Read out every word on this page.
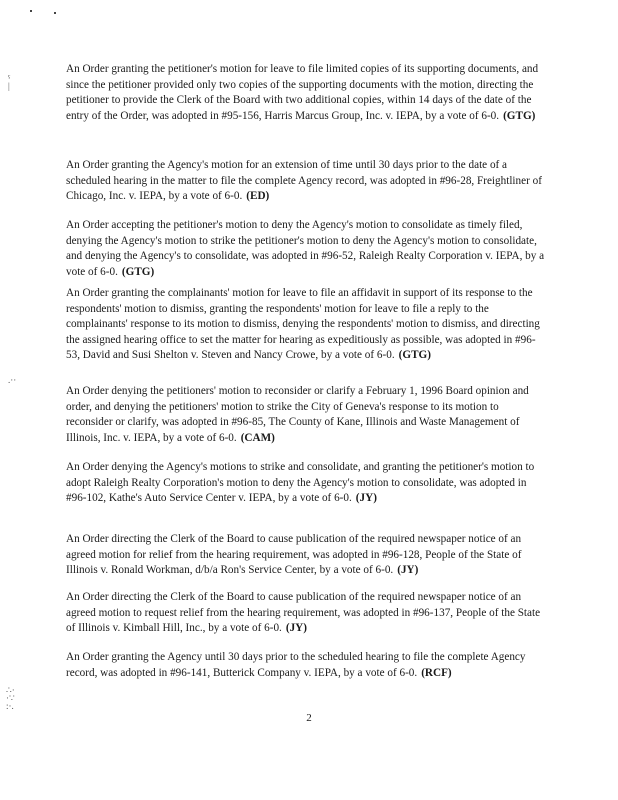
ˤ
|
.··
∴·
·∵
:·.

An Order granting the petitioner's motion for leave to file limited copies of its supporting documents, and since the petitioner provided only two copies of the supporting documents with the motion, directing the petitioner to provide the Clerk of the Board with two additional copies, within 14 days of the date of the entry of the Order, was adopted in #95-156, Harris Marcus Group, Inc. v. IEPA, by a vote of 6-0. (GTG)

An Order granting the Agency's motion for an extension of time until 30 days prior to the date of a scheduled hearing in the matter to file the complete Agency record, was adopted in #96-28, Freightliner of Chicago, Inc. v. IEPA, by a vote of 6-0. (ED)

An Order accepting the petitioner's motion to deny the Agency's motion to consolidate as timely filed, denying the Agency's motion to strike the petitioner's motion to deny the Agency's motion to consolidate, and denying the Agency's to consolidate, was adopted in #96-52, Raleigh Realty Corporation v. IEPA, by a vote of 6-0. (GTG)

An Order granting the complainants' motion for leave to file an affidavit in support of its response to the respondents' motion to dismiss, granting the respondents' motion for leave to file a reply to the complainants' response to its motion to dismiss, denying the respondents' motion to dismiss, and directing the assigned hearing office to set the matter for hearing as expeditiously as possible, was adopted in #96-53, David and Susi Shelton v. Steven and Nancy Crowe, by a vote of 6-0. (GTG)

An Order denying the petitioners' motion to reconsider or clarify a February 1, 1996 Board opinion and order, and denying the petitioners' motion to strike the City of Geneva's response to its motion to reconsider or clarify, was adopted in #96-85, The County of Kane, Illinois and Waste Management of Illinois, Inc. v. IEPA, by a vote of 6-0. (CAM)

An Order denying the Agency's motions to strike and consolidate, and granting the petitioner's motion to adopt Raleigh Realty Corporation's motion to deny the Agency's motion to consolidate, was adopted in #96-102, Kathe's Auto Service Center v. IEPA, by a vote of 6-0. (JY)

An Order directing the Clerk of the Board to cause publication of the required newspaper notice of an agreed motion for relief from the hearing requirement, was adopted in #96-128, People of the State of Illinois v. Ronald Workman, d/b/a Ron's Service Center, by a vote of 6-0. (JY)

An Order directing the Clerk of the Board to cause publication of the required newspaper notice of an agreed motion to request relief from the hearing requirement, was adopted in #96-137, People of the State of Illinois v. Kimball Hill, Inc., by a vote of 6-0. (JY)

An Order granting the Agency until 30 days prior to the scheduled hearing to file the complete Agency record, was adopted in #96-141, Butterick Company v. IEPA, by a vote of 6-0. (RCF)

2
